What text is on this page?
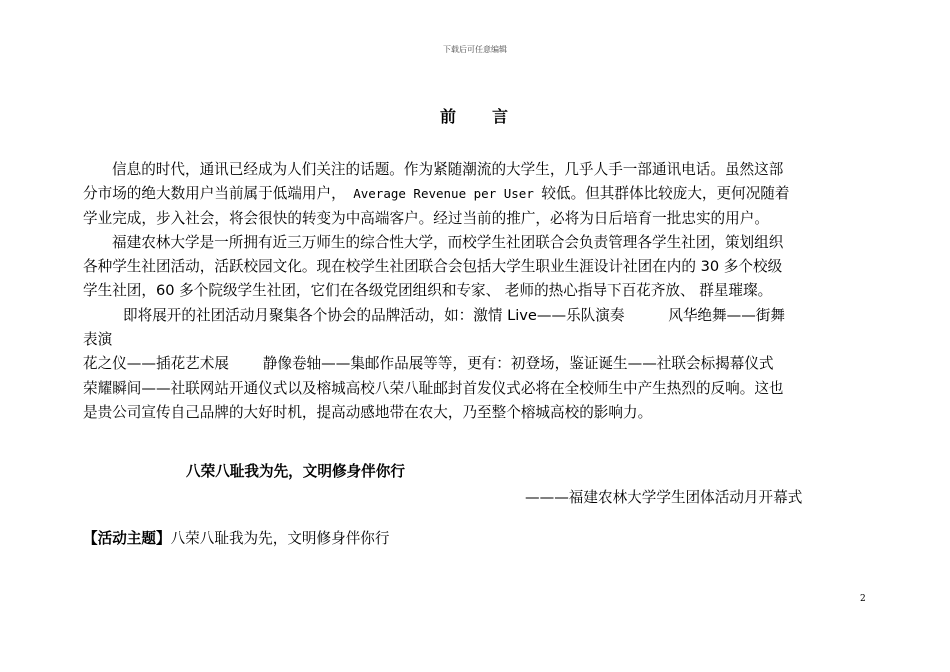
下载后可任意编辑
前 言
信息的时代，通讯已经成为人们关注的话题。作为紧随潮流的大学生，几乎人手一部通讯电话。虽然这部
分市场的绝大数用户当前属于低端用户， Average Revenue per User 较低。但其群体比较庞大，更何况随着
学业完成，步入社会，将会很快的转变为中高端客户。经过当前的推广，必将为日后培育一批忠实的用户。
福建农林大学是一所拥有近三万师生的综合性大学，而校学生社团联合会负责管理各学生社团，策划组织
各种学生社团活动，活跃校园文化。现在校学生社团联合会包括大学生职业生涯设计社团在内的 30 多个校级
学生社团，60 多个院级学生社团，它们在各级党团组织和专家、 老师的热心指导下百花齐放、 群星璀璨。
即将展开的社团活动月聚集各个协会的品牌活动，如：激情 Live——乐队演奏　　　风华绝舞——街舞
表演
花之仪——插花艺术展　　 静像卷轴——集邮作品展等等，更有：初登场，鉴证诞生——社联会标揭幕仪式
荣耀瞬间——社联网站开通仪式以及榕城高校八荣八耻邮封首发仪式必将在全校师生中产生热烈的反响。这也
是贵公司宣传自己品牌的大好时机，提高动感地带在农大，乃至整个榕城高校的影响力。
八荣八耻我为先，文明修身伴你行
———福建农林大学学生团体活动月开幕式
【活动主题】八荣八耻我为先，文明修身伴你行
2
